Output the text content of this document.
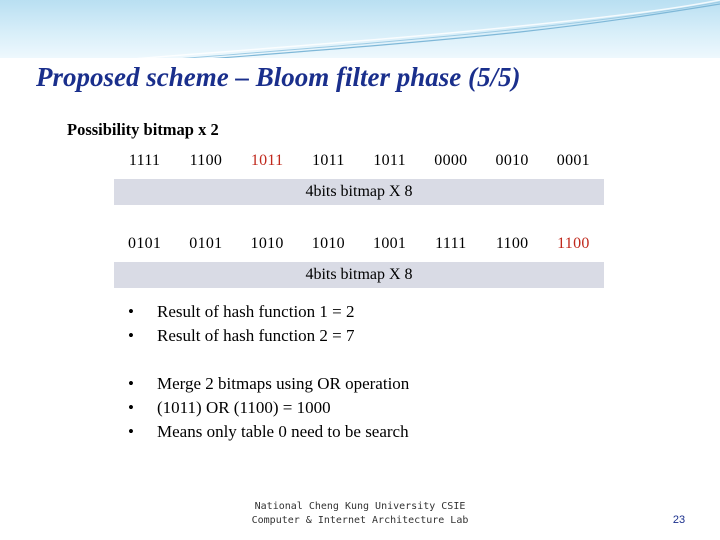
Proposed scheme – Bloom filter phase (5/5)
Possibility bitmap x 2
1111	1100	1011	1011	1011	0000	0010	0001
4bits bitmap X 8
0101	0101	1010	1010	1001	1111	1100	1100
4bits bitmap X 8
• Result of hash function 1 = 2
• Result of hash function 2 = 7
• Merge 2 bitmaps using OR operation
• (1011) OR (1100) = 1000
• Means only table 0 need to be search
National Cheng Kung University CSIE
Computer & Internet Architecture Lab	23
